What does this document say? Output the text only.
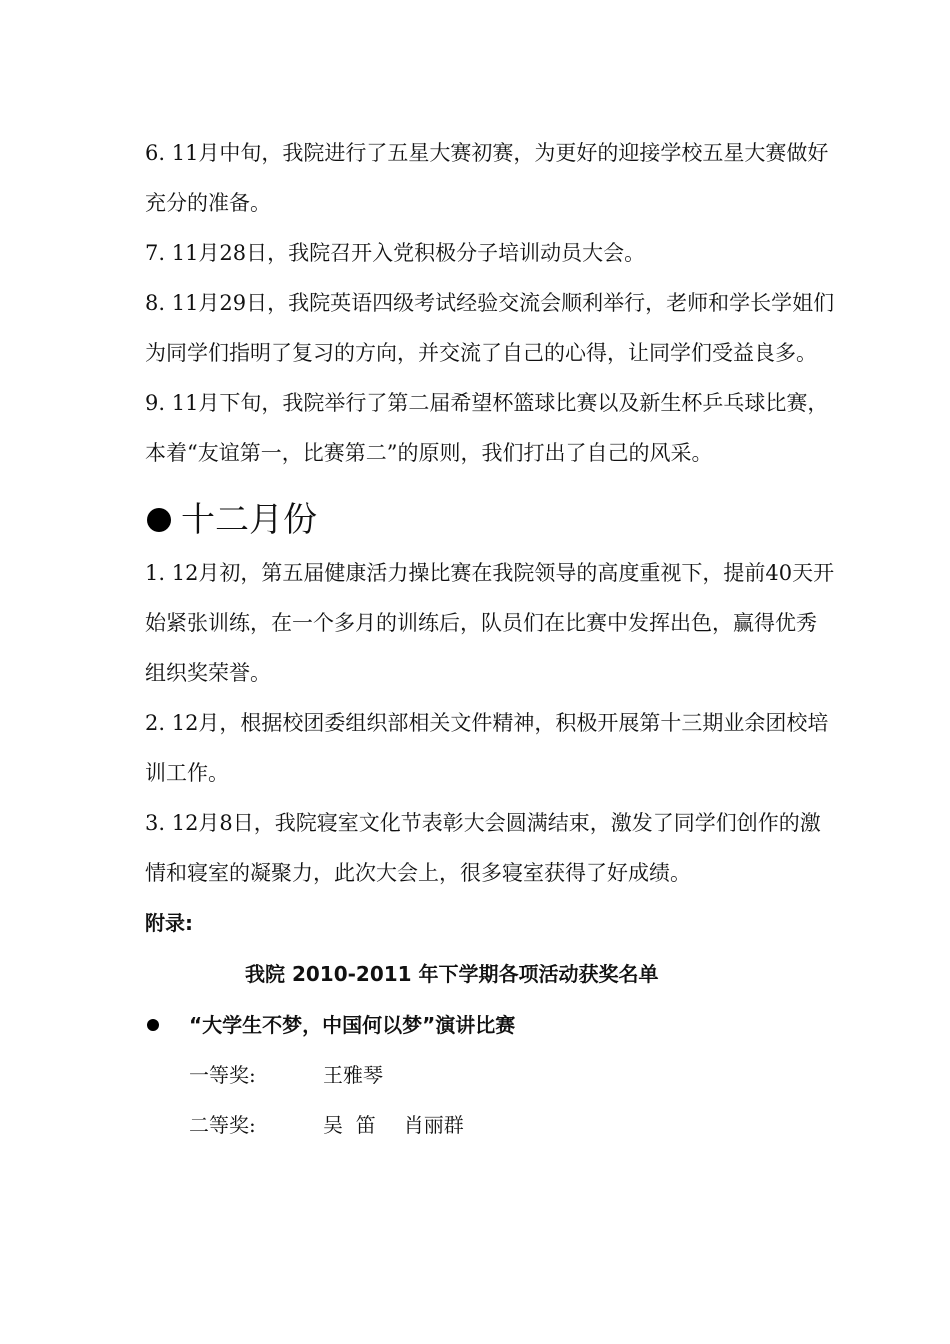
6. 11月中旬，我院进行了五星大赛初赛，为更好的迎接学校五星大赛做好充分的准备。

7. 11月28日，我院召开入党积极分子培训动员大会。

8. 11月29日，我院英语四级考试经验交流会顺利举行，老师和学长学姐们为同学们指明了复习的方向，并交流了自己的心得，让同学们受益良多。

9. 11月下旬，我院举行了第二届希望杯篮球比赛以及新生杯乒乓球比赛，本着“友谊第一，比赛第二”的原则，我们打出了自己的风采。

十二月份

1. 12月初，第五届健康活力操比赛在我院领导的高度重视下，提前40天开始紧张训练，在一个多月的训练后，队员们在比赛中发挥出色，赢得优秀组织奖荣誉。

2. 12月，根据校团委组织部相关文件精神，积极开展第十三期业余团校培训工作。

3. 12月8日，我院寝室文化节表彰大会圆满结束，激发了同学们创作的激情和寝室的凝聚力，此次大会上，很多寝室获得了好成绩。

附录:

我院 2010-2011 年下学期各项活动获奖名单

“大学生不梦，中国何以梦”演讲比赛
一等奖:	王雅琴
二等奖:	吴  笛 肖丽群
